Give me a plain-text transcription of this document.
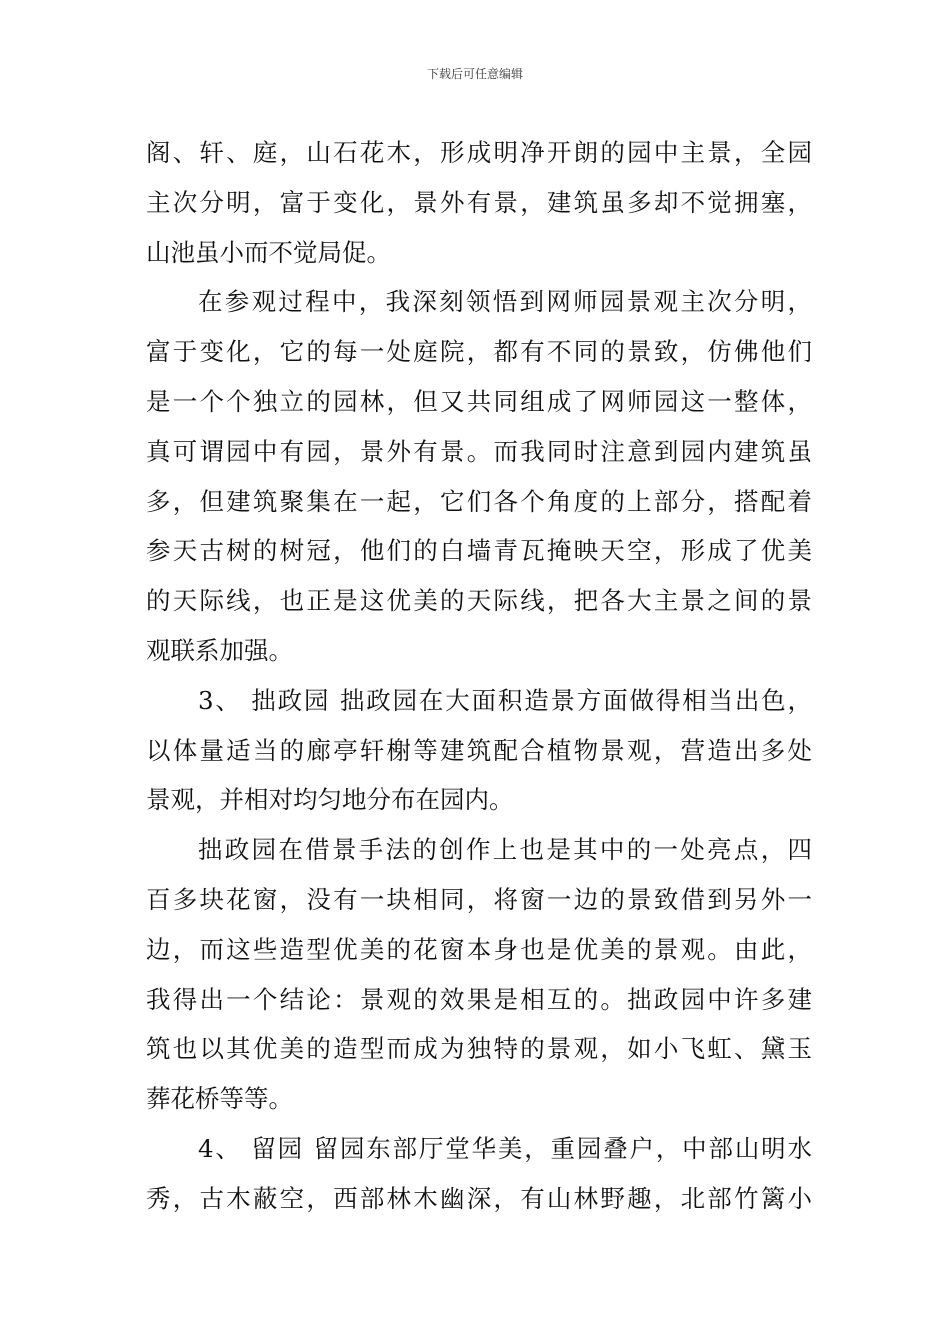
下载后可任意编辑
阁、轩、庭，山石花木，形成明净开朗的园中主景，全园
主次分明，富于变化，景外有景，建筑虽多却不觉拥塞，
山池虽小而不觉局促。
在参观过程中，我深刻领悟到网师园景观主次分明，
富于变化，它的每一处庭院，都有不同的景致，仿佛他们
是一个个独立的园林，但又共同组成了网师园这一整体，
真可谓园中有园，景外有景。而我同时注意到园内建筑虽
多，但建筑聚集在一起，它们各个角度的上部分，搭配着
参天古树的树冠，他们的白墙青瓦掩映天空，形成了优美
的天际线，也正是这优美的天际线，把各大主景之间的景
观联系加强。
3、 拙政园 拙政园在大面积造景方面做得相当出色，
以体量适当的廊亭轩榭等建筑配合植物景观，营造出多处
景观，并相对均匀地分布在园内。
拙政园在借景手法的创作上也是其中的一处亮点，四
百多块花窗，没有一块相同，将窗一边的景致借到另外一
边，而这些造型优美的花窗本身也是优美的景观。由此，
我得出一个结论：景观的效果是相互的。拙政园中许多建
筑也以其优美的造型而成为独特的景观，如小飞虹、黛玉
葬花桥等等。
4、 留园 留园东部厅堂华美，重园叠户，中部山明水
秀，古木蔽空，西部林木幽深，有山林野趣，北部竹篱小
